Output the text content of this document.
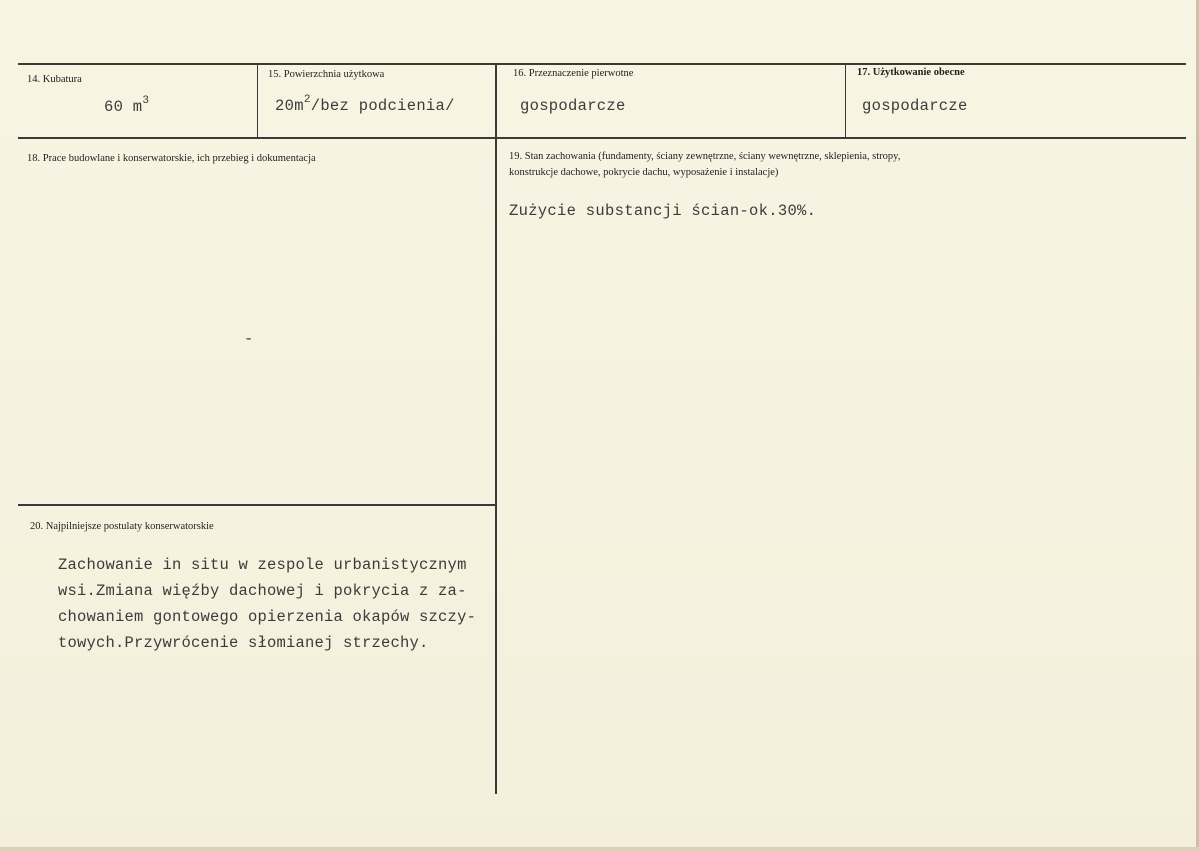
14. Kubatura
60 $m^3$
15. Powierzchnia użytkowa
$20m^2$/bez podcienia/
16. Przeznaczenie pierwotne
gospodarcze
17. Użytkowanie obecne
gospodarcze
18. Prace budowlane i konserwatorskie, ich przebieg i dokumentacja
-
19. Stan zachowania (fundamenty, ściany zewnętrzne, ściany wewnętrzne, sklepienia, stropy,
konstrukcje dachowe, pokrycie dachu, wyposażenie i instalacje)
Zużycie substancji ścian-ok.30%.
20. Najpilniejsze postulaty konserwatorskie
Zachowanie in situ w zespole urbanistycznym
wsi.Zmiana więźby dachowej i pokrycia z za-
chowaniem gontowego opierzenia okapów szczy-
towych.Przywrócenie słomianej strzechy.
